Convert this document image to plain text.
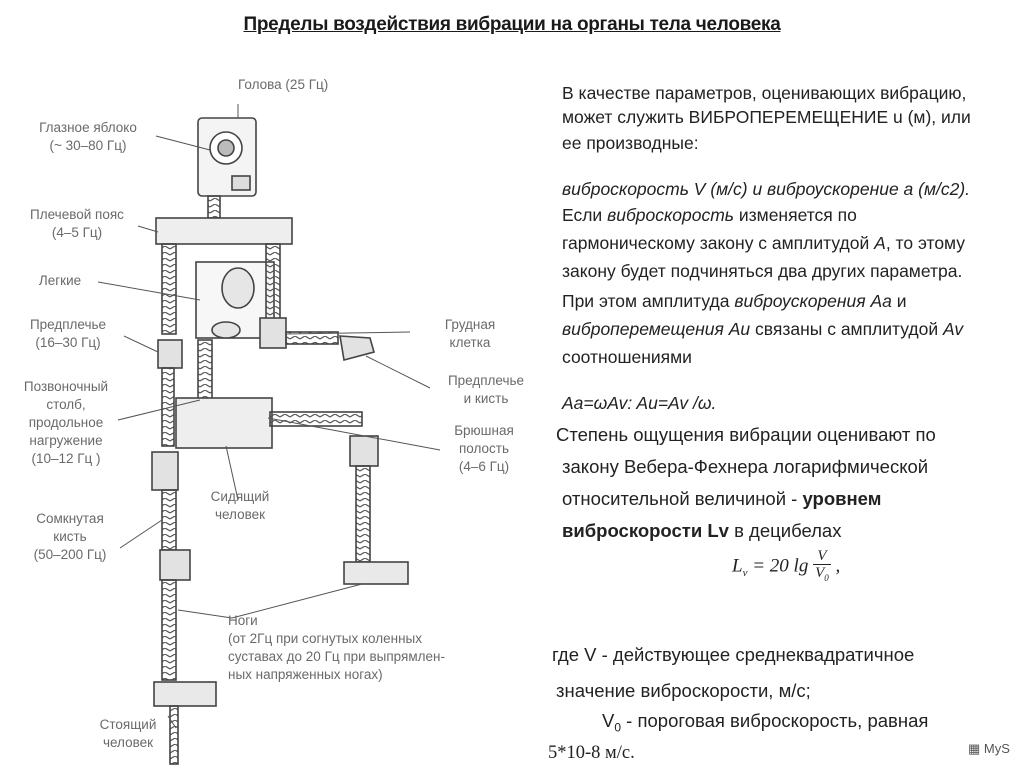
Пределы воздействия вибрации на органы тела человека
Голова (25 Гц)
Глазное яблоко
(~ 30–80 Гц)
Плечевой пояс
(4–5 Гц)
Легкие
Предплечье
(16–30 Гц)
Позвоночный
столб,
продольное
нагружение
(10–12 Гц )
Сомкнутая
кисть
(50–200 Гц)
Грудная
клетка
Предплечье
и кисть
Брюшная
полость
(4–6 Гц)
Сидящий
человек
Ноги
(от 2Гц при согнутых коленных
суставах до 20 Гц при выпрямлен-
ных напряженных ногах)
Стоящий
человек
В качестве параметров, оценивающих вибрацию,
может служить ВИБРОПЕРЕМЕЩЕНИЕ u (м), или
ее производные:
виброскорость V (м/с) и виброускорение a (м/с2).
Если виброскорость изменяется по
гармоническому закону с амплитудой A, то этому
закону будет подчиняться два других параметра.
При этом амплитуда виброускорения Aa и
виброперемещения Au связаны с амплитудой Av
соотношениями
Aa=ωAv: Au=Av /ω.
Степень ощущения вибрации оценивают по
закону Вебера-Фехнера логарифмической
относительной величиной - уровнем
виброскорости Lv в децибелах
$L_v = 20$ $\lg \frac{V}{V_0}$ ,
где V - действующее среднеквадратичное
значение виброскорости, м/с;
$V_0$ - пороговая виброскорость, равная
5*10-8 м/с.	▦ MyS
